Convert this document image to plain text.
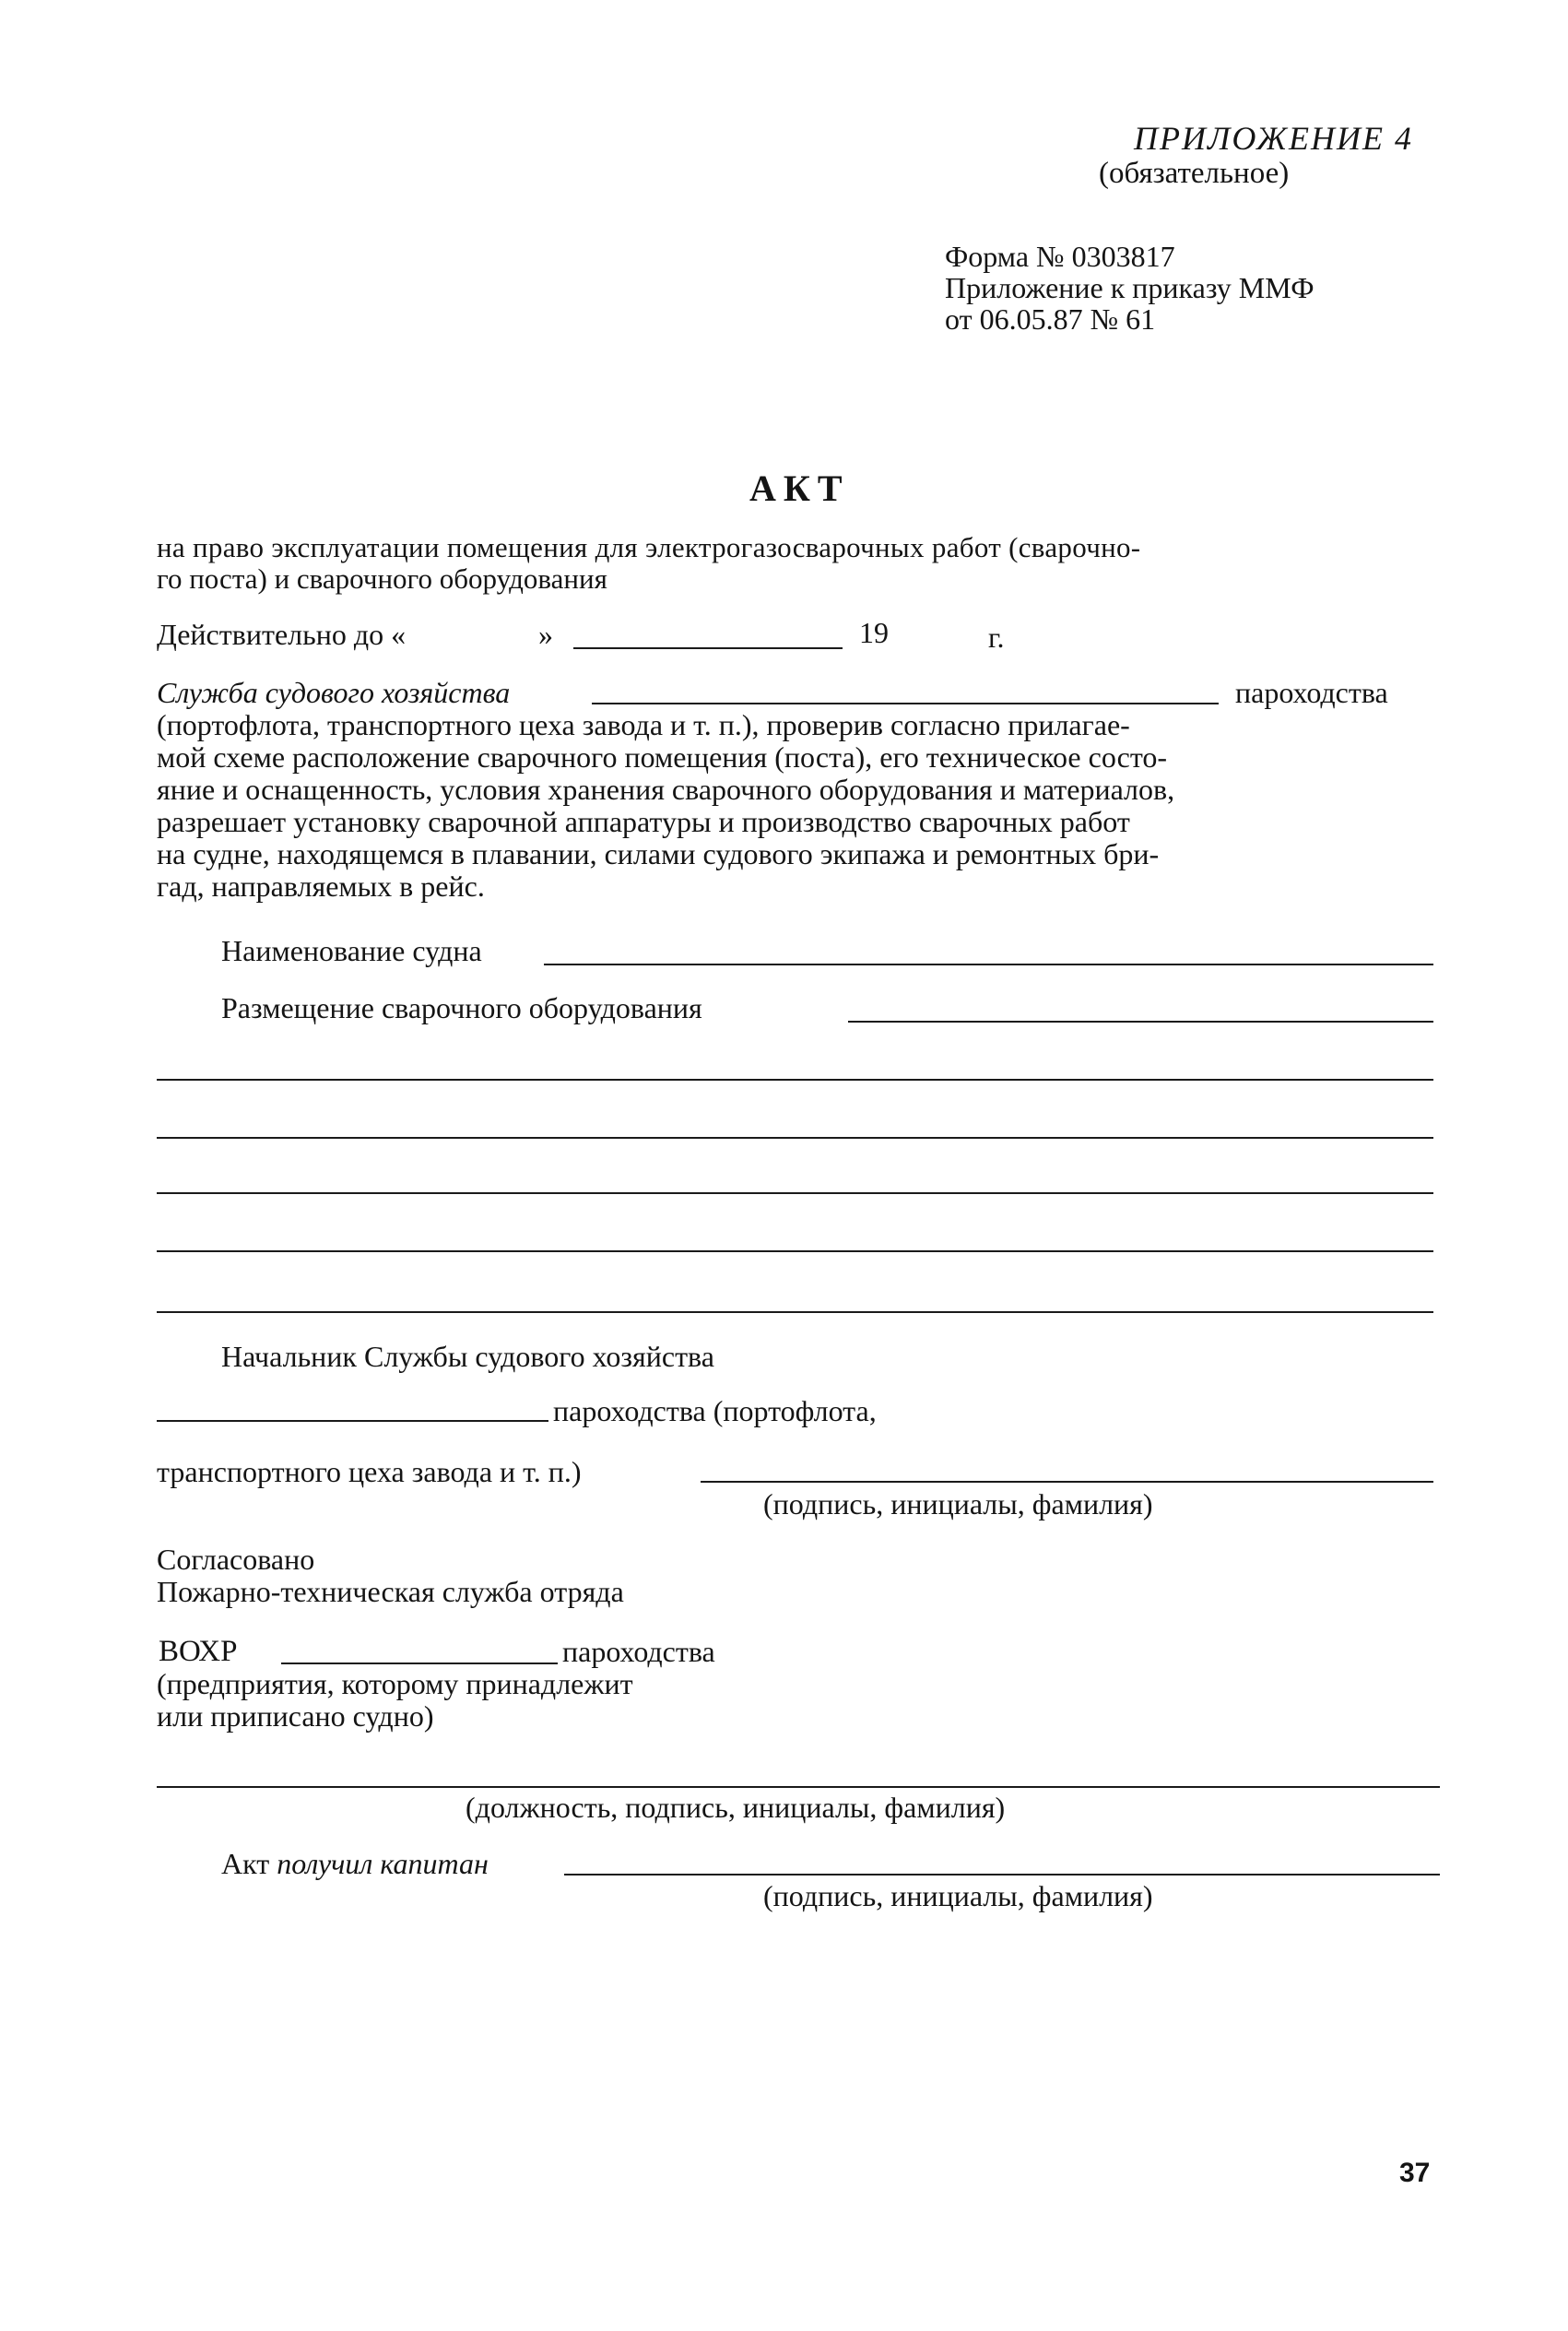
ПРИЛОЖЕНИЕ 4
(обязательное)
Форма № 0303817
Приложение к приказу ММФ
от 06.05.87 № 61
АКТ
на право эксплуатации помещения для электрогазосварочных работ (сварочно-
го поста) и сварочного оборудования
Действительно до «	»	19	г.
Служба судового хозяйства	пароходства
(портофлота, транспортного цеха завода и т. п.), проверив согласно прилагае-
мой схеме расположение сварочного помещения (поста), его техническое состо-
яние и оснащенность, условия хранения сварочного оборудования и материалов,
разрешает установку сварочной аппаратуры и производство сварочных работ
на судне, находящемся в плавании, силами судового экипажа и ремонтных бри-
гад, направляемых в рейс.
Наименование судна
Размещение сварочного оборудования
Начальник Службы судового хозяйства
пароходства (портофлота,
транспортного цеха завода и т. п.)
(подпись, инициалы, фамилия)
Согласовано
Пожарно-техническая служба отряда
ВОХР	пароходства
(предприятия, которому принадлежит
или приписано судно)
(должность, подпись, инициалы, фамилия)
Акт получил капитан
(подпись, инициалы, фамилия)
37
